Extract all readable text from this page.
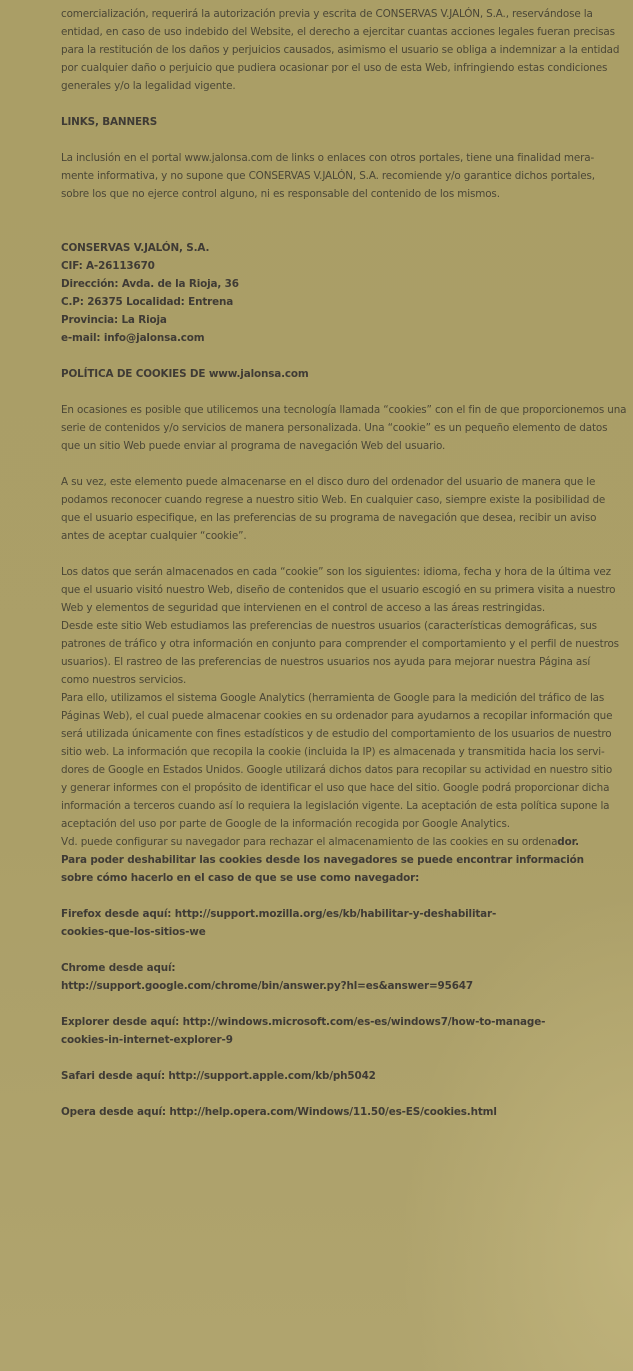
comercialización, requerirá la autorización previa y escrita de CONSERVAS V.JALÓN, S.A., reservándose la
entidad, en caso de uso indebido del Website, el derecho a ejercitar cuantas acciones legales fueran precisas
para la restitución de los daños y perjuicios causados, asimismo el usuario se obliga a indemnizar a la entidad
por cualquier daño o perjuicio que pudiera ocasionar por el uso de esta Web, infringiendo estas condiciones
generales y/o la legalidad vigente.

LINKS, BANNERS

La inclusión en el portal www.jalonsa.com de links o enlaces con otros portales, tiene una finalidad mera-
mente informativa, y no supone que CONSERVAS V.JALÓN, S.A. recomiende y/o garantice dichos portales,
sobre los que no ejerce control alguno, ni es responsable del contenido de los mismos.

CONSERVAS V.JALÓN, S.A.
CIF: A-26113670
Dirección: Avda. de la Rioja, 36
C.P: 26375 Localidad: Entrena
Provincia: La Rioja
e-mail: info@jalonsa.com

POLÍTICA DE COOKIES DE www.jalonsa.com

En ocasiones es posible que utilicemos una tecnología llamada “cookies” con el fin de que proporcionemos una
serie de contenidos y/o servicios de manera personalizada. Una “cookie” es un pequeño elemento de datos
que un sitio Web puede enviar al programa de navegación Web del usuario.

A su vez, este elemento puede almacenarse en el disco duro del ordenador del usuario de manera que le
podamos reconocer cuando regrese a nuestro sitio Web. En cualquier caso, siempre existe la posibilidad de
que el usuario especifique, en las preferencias de su programa de navegación que desea, recibir un aviso
antes de aceptar cualquier “cookie”.

Los datos que serán almacenados en cada “cookie” son los siguientes: idioma, fecha y hora de la última vez
que el usuario visitó nuestro Web, diseño de contenidos que el usuario escogió en su primera visita a nuestro
Web y elementos de seguridad que intervienen en el control de acceso a las áreas restringidas.
Desde este sitio Web estudiamos las preferencias de nuestros usuarios (características demográficas, sus
patrones de tráfico y otra información en conjunto para comprender el comportamiento y el perfil de nuestros
usuarios). El rastreo de las preferencias de nuestros usuarios nos ayuda para mejorar nuestra Página así
como nuestros servicios.
Para ello, utilizamos el sistema Google Analytics (herramienta de Google para la medición del tráfico de las
Páginas Web), el cual puede almacenar cookies en su ordenador para ayudarnos a recopilar información que
será utilizada únicamente con fines estadísticos y de estudio del comportamiento de los usuarios de nuestro
sitio web. La información que recopila la cookie (incluida la IP) es almacenada y transmitida hacia los servi-
dores de Google en Estados Unidos. Google utilizará dichos datos para recopilar su actividad en nuestro sitio
y generar informes con el propósito de identificar el uso que hace del sitio. Google podrá proporcionar dicha
información a terceros cuando así lo requiera la legislación vigente. La aceptación de esta política supone la
aceptación del uso por parte de Google de la información recogida por Google Analytics.
Vd. puede configurar su navegador para rechazar el almacenamiento de las cookies en su ordenador.

Para poder deshabilitar las cookies desde los navegadores se puede encontrar información
sobre cómo hacerlo en el caso de que se use como navegador:

Firefox desde aquí: http://support.mozilla.org/es/kb/habilitar-y-deshabilitar-
cookies-que-los-sitios-we

Chrome desde aquí:
http://support.google.com/chrome/bin/answer.py?hl=es&answer=95647

Explorer desde aquí: http://windows.microsoft.com/es-es/windows7/how-to-manage-
cookies-in-internet-explorer-9

Safari desde aquí: http://support.apple.com/kb/ph5042

Opera desde aquí: http://help.opera.com/Windows/11.50/es-ES/cookies.html
